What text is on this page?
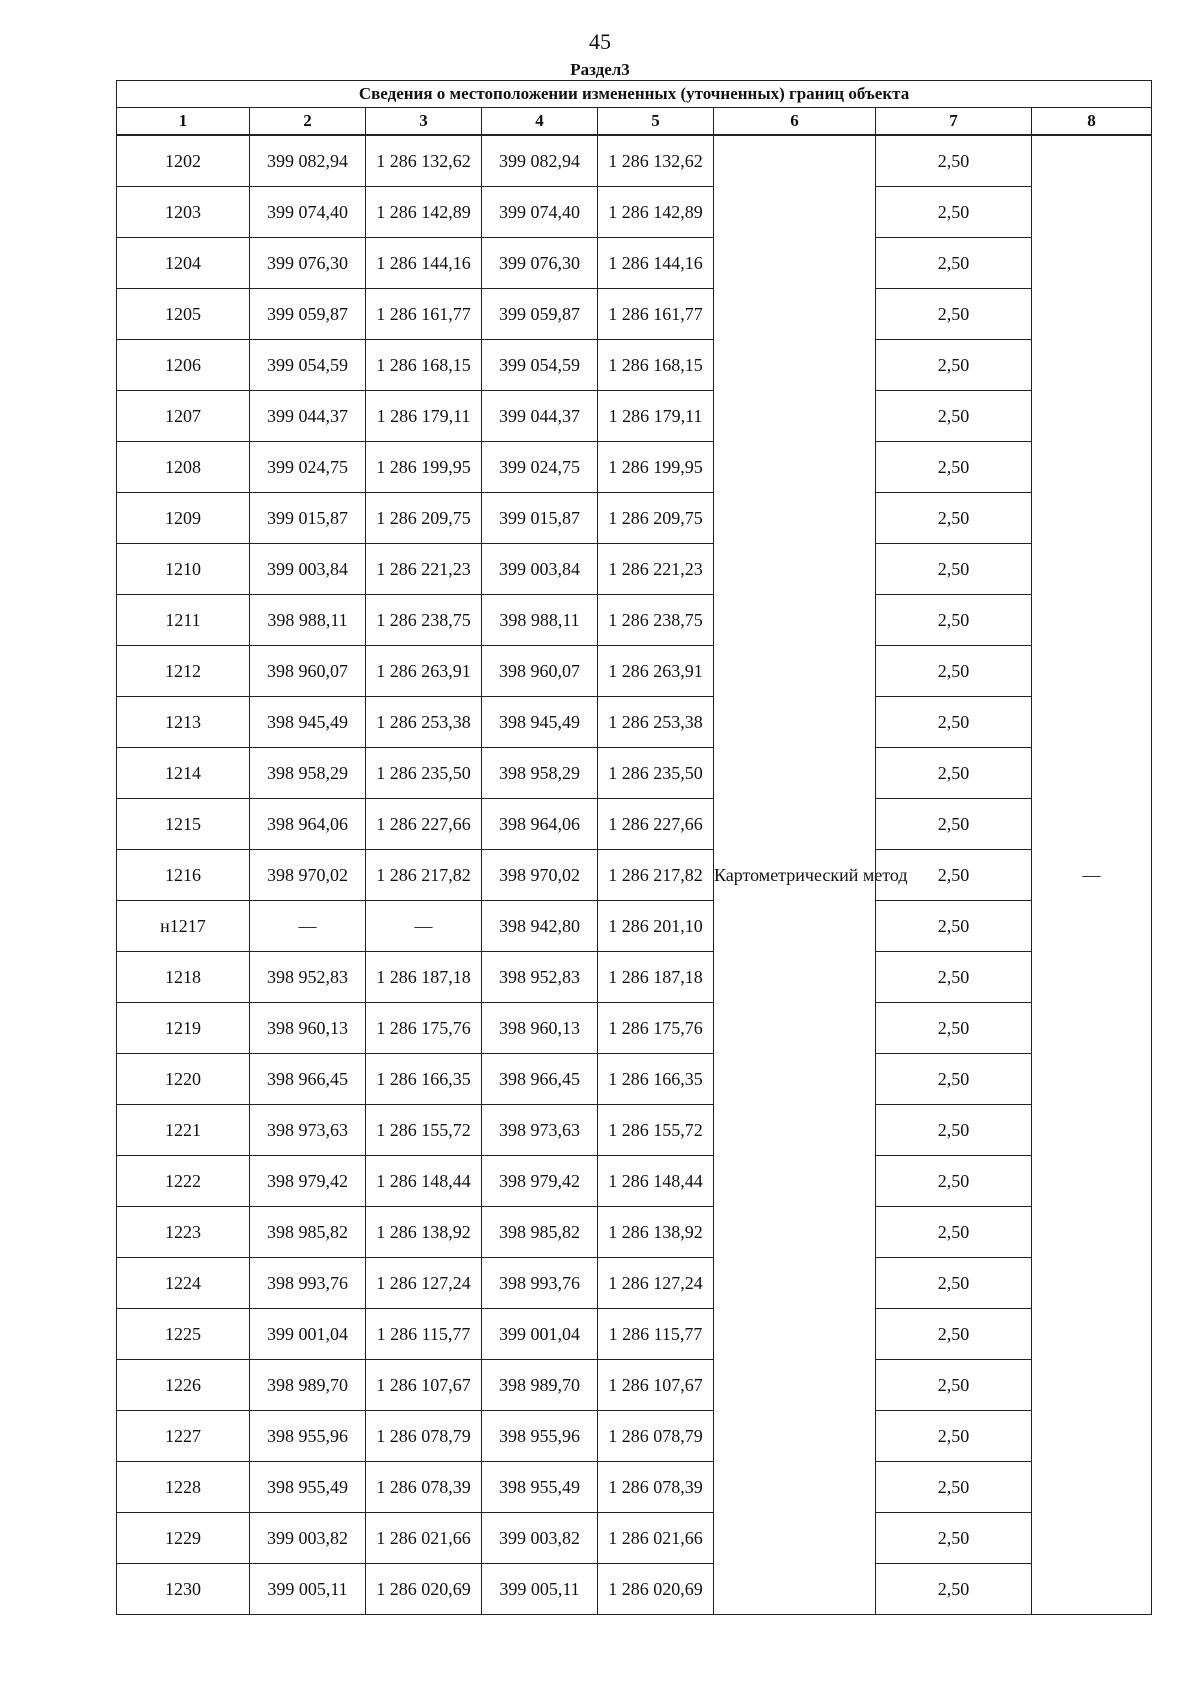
45
Раздел3
Сведения о местоположении измененных (уточненных) границ объекта							
1	2	3	4	5	6	7	8
1202	399 082,94	1 286 132,62	399 082,94	1 286 132,62	Картометрический метод	2,50	—
1203	399 074,40	1 286 142,89	399 074,40	1 286 142,89		2,50	
1204	399 076,30	1 286 144,16	399 076,30	1 286 144,16		2,50	
1205	399 059,87	1 286 161,77	399 059,87	1 286 161,77		2,50	
1206	399 054,59	1 286 168,15	399 054,59	1 286 168,15		2,50	
1207	399 044,37	1 286 179,11	399 044,37	1 286 179,11		2,50	
1208	399 024,75	1 286 199,95	399 024,75	1 286 199,95		2,50	
1209	399 015,87	1 286 209,75	399 015,87	1 286 209,75		2,50	
1210	399 003,84	1 286 221,23	399 003,84	1 286 221,23		2,50	
1211	398 988,11	1 286 238,75	398 988,11	1 286 238,75		2,50	
1212	398 960,07	1 286 263,91	398 960,07	1 286 263,91		2,50	
1213	398 945,49	1 286 253,38	398 945,49	1 286 253,38		2,50	
1214	398 958,29	1 286 235,50	398 958,29	1 286 235,50		2,50	
1215	398 964,06	1 286 227,66	398 964,06	1 286 227,66		2,50	
1216	398 970,02	1 286 217,82	398 970,02	1 286 217,82		2,50	
н1217	—	—	398 942,80	1 286 201,10		2,50	
1218	398 952,83	1 286 187,18	398 952,83	1 286 187,18		2,50	
1219	398 960,13	1 286 175,76	398 960,13	1 286 175,76		2,50	
1220	398 966,45	1 286 166,35	398 966,45	1 286 166,35		2,50	
1221	398 973,63	1 286 155,72	398 973,63	1 286 155,72		2,50	
1222	398 979,42	1 286 148,44	398 979,42	1 286 148,44		2,50	
1223	398 985,82	1 286 138,92	398 985,82	1 286 138,92		2,50	
1224	398 993,76	1 286 127,24	398 993,76	1 286 127,24		2,50	
1225	399 001,04	1 286 115,77	399 001,04	1 286 115,77		2,50	
1226	398 989,70	1 286 107,67	398 989,70	1 286 107,67		2,50	
1227	398 955,96	1 286 078,79	398 955,96	1 286 078,79		2,50	
1228	398 955,49	1 286 078,39	398 955,49	1 286 078,39		2,50	
1229	399 003,82	1 286 021,66	399 003,82	1 286 021,66		2,50	
1230	399 005,11	1 286 020,69	399 005,11	1 286 020,69		2,50	
